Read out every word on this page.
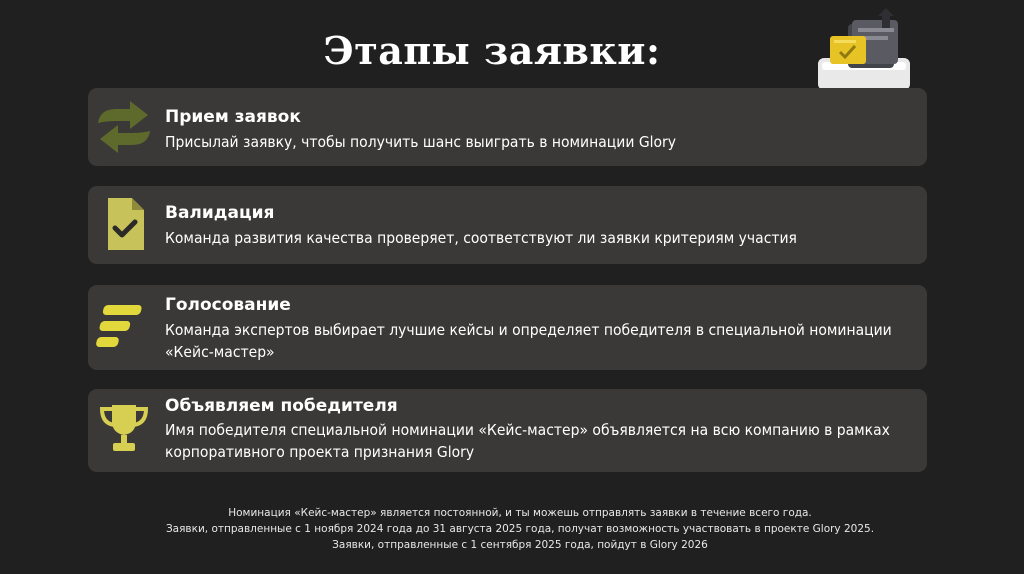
Этапы заявки:
Прием заявок
Присылай заявку, чтобы получить шанс выиграть в номинации Glory
Валидация
Команда развития качества проверяет, соответствуют ли заявки критериям участия
Голосование
Команда экспертов выбирает лучшие кейсы и определяет победителя в специальной номинации «Кейс-мастер»
Объявляем победителя
Имя победителя специальной номинации «Кейс-мастер» объявляется на всю компанию в рамках корпоративного проекта признания Glory
Номинация «Кейс-мастер» является постоянной, и ты можешь отправлять заявки в течение всего года.
Заявки, отправленные с 1 ноября 2024 года до 31 августа 2025 года, получат возможность участвовать в проекте Glory 2025.
Заявки, отправленные с 1 сентября 2025 года, пойдут в Glory 2026
